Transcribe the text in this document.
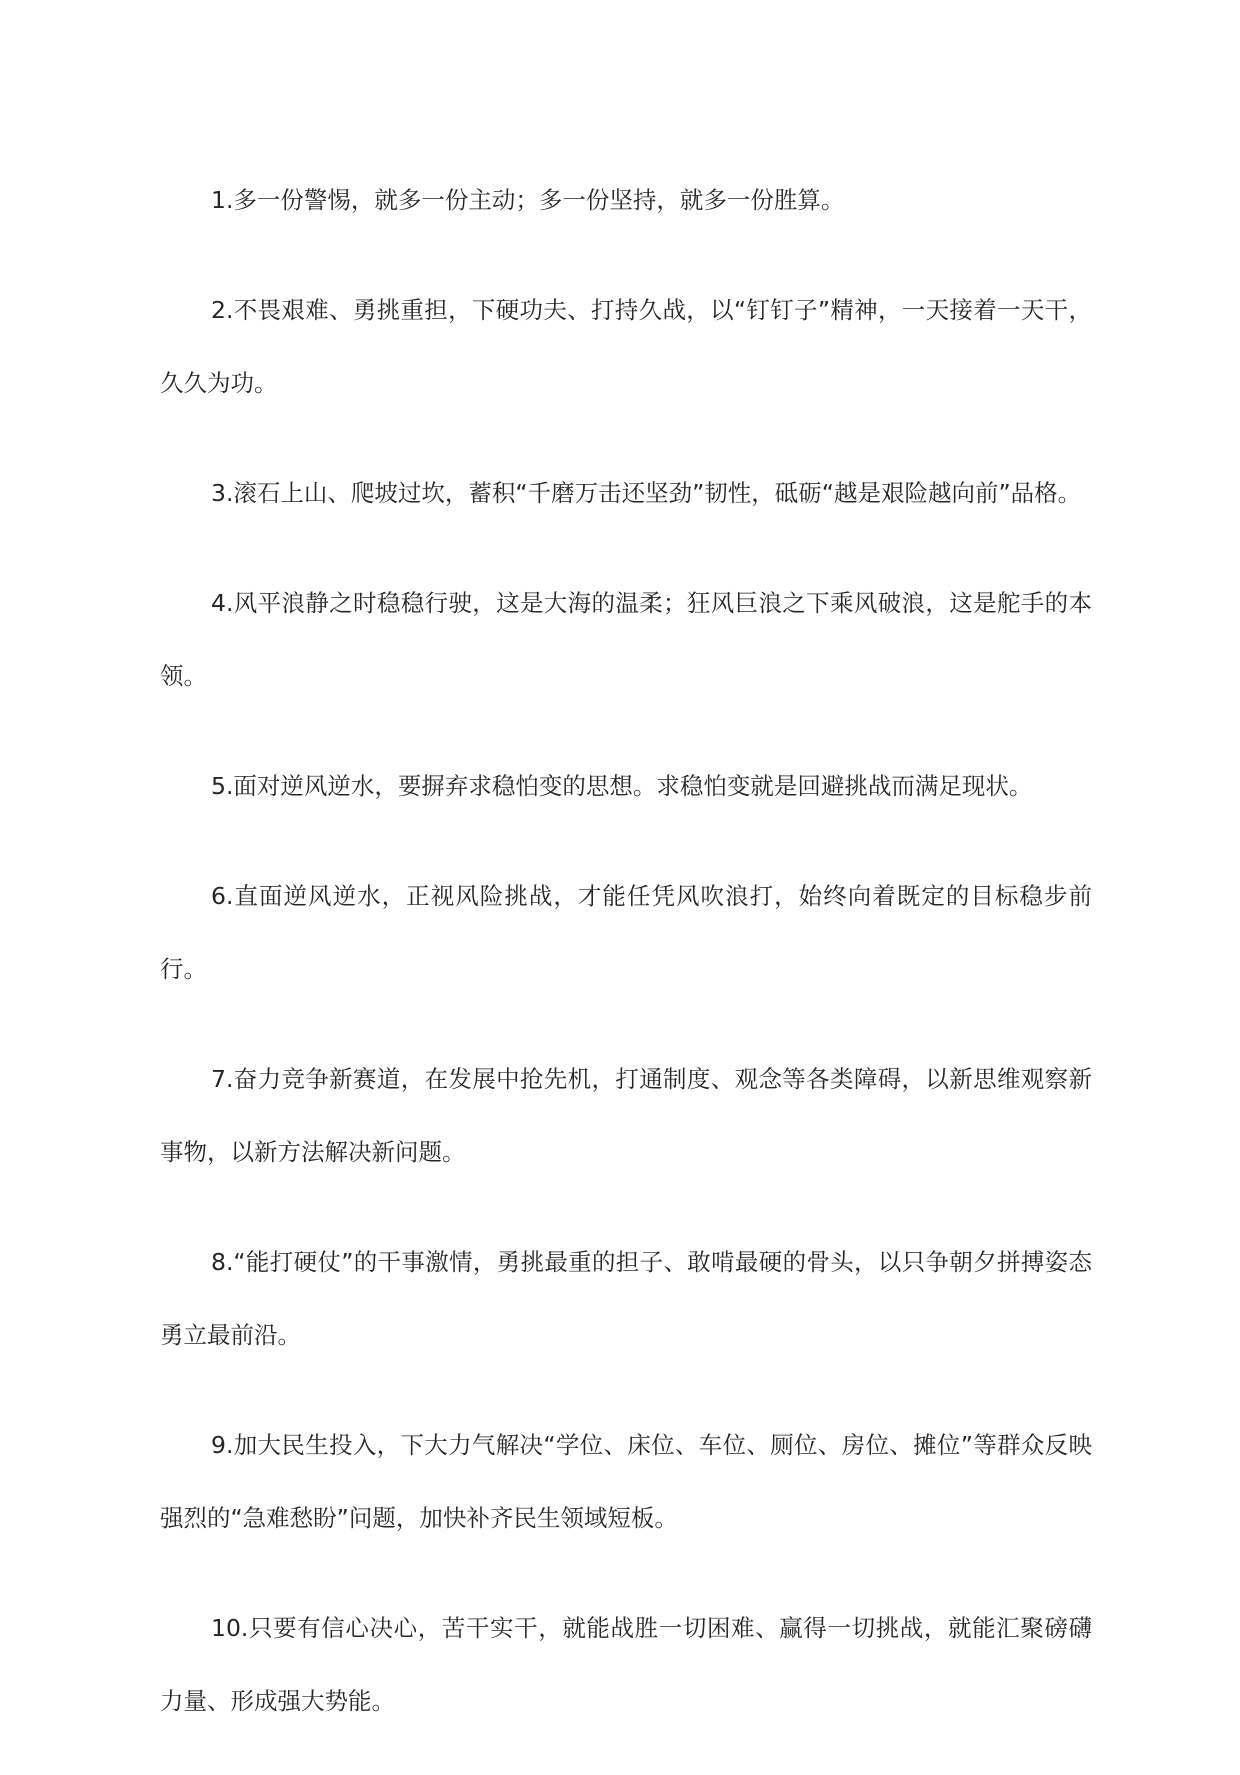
1.多一份警惕，就多一份主动；多一份坚持，就多一份胜算。

2.不畏艰难、勇挑重担，下硬功夫、打持久战，以“钉钉子”精神，一天接着一天干，久久为功。

3.滚石上山、爬坡过坎，蓄积“千磨万击还坚劲”韧性，砥砺“越是艰险越向前”品格。

4.风平浪静之时稳稳行驶，这是大海的温柔；狂风巨浪之下乘风破浪，这是舵手的本领。

5.面对逆风逆水，要摒弃求稳怕变的思想。求稳怕变就是回避挑战而满足现状。

6.直面逆风逆水，正视风险挑战，才能任凭风吹浪打，始终向着既定的目标稳步前行。

7.奋力竞争新赛道，在发展中抢先机，打通制度、观念等各类障碍，以新思维观察新事物，以新方法解决新问题。

8.“能打硬仗”的干事激情，勇挑最重的担子、敢啃最硬的骨头，以只争朝夕拼搏姿态勇立最前沿。

9.加大民生投入，下大力气解决“学位、床位、车位、厕位、房位、摊位”等群众反映强烈的“急难愁盼”问题，加快补齐民生领域短板。

10.只要有信心决心，苦干实干，就能战胜一切困难、赢得一切挑战，就能汇聚磅礴力量、形成强大势能。
